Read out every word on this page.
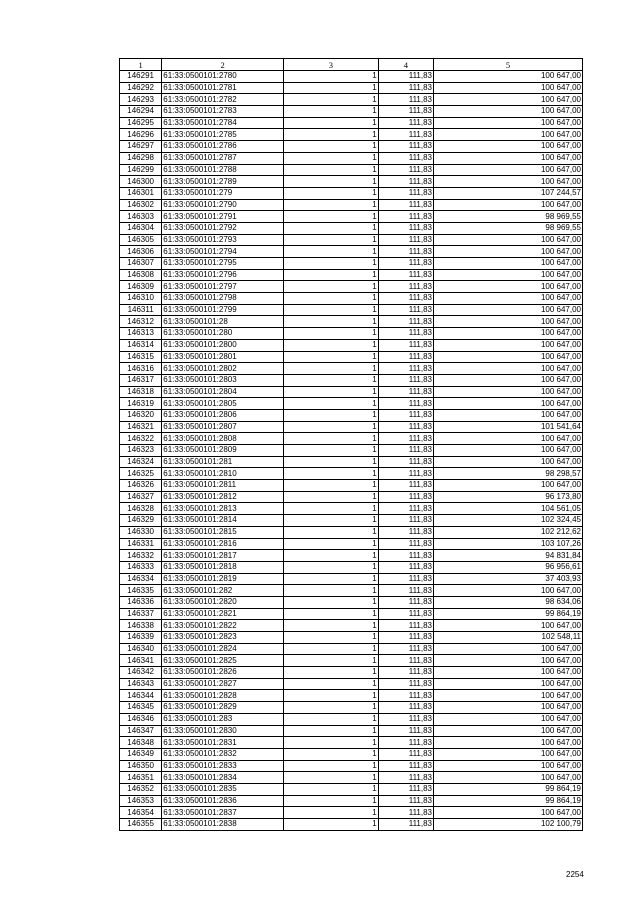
1	2	3	4	5
146291	61:33:0500101:2780	1	111,83	100 647,00
146292	61:33:0500101:2781	1	111,83	100 647,00
146293	61:33:0500101:2782	1	111,83	100 647,00
146294	61:33:0500101:2783	1	111,83	100 647,00
146295	61:33:0500101:2784	1	111,83	100 647,00
146296	61:33:0500101:2785	1	111,83	100 647,00
146297	61:33:0500101:2786	1	111,83	100 647,00
146298	61:33:0500101:2787	1	111,83	100 647,00
146299	61:33:0500101:2788	1	111,83	100 647,00
146300	61:33:0500101:2789	1	111,83	100 647,00
146301	61:33:0500101:279	1	111,83	107 244,57
146302	61:33:0500101:2790	1	111,83	100 647,00
146303	61:33:0500101:2791	1	111,83	98 969,55
146304	61:33:0500101:2792	1	111,83	98 969,55
146305	61:33:0500101:2793	1	111,83	100 647,00
146306	61:33:0500101:2794	1	111,83	100 647,00
146307	61:33:0500101:2795	1	111,83	100 647,00
146308	61:33:0500101:2796	1	111,83	100 647,00
146309	61:33:0500101:2797	1	111,83	100 647,00
146310	61:33:0500101:2798	1	111,83	100 647,00
146311	61:33:0500101:2799	1	111,83	100 647,00
146312	61:33:0500101:28	1	111,83	100 647,00
146313	61:33:0500101:280	1	111,83	100 647,00
146314	61:33:0500101:2800	1	111,83	100 647,00
146315	61:33:0500101:2801	1	111,83	100 647,00
146316	61:33:0500101:2802	1	111,83	100 647,00
146317	61:33:0500101:2803	1	111,83	100 647,00
146318	61:33:0500101:2804	1	111,83	100 647,00
146319	61:33:0500101:2805	1	111,83	100 647,00
146320	61:33:0500101:2806	1	111,83	100 647,00
146321	61:33:0500101:2807	1	111,83	101 541,64
146322	61:33:0500101:2808	1	111,83	100 647,00
146323	61:33:0500101:2809	1	111,83	100 647,00
146324	61:33:0500101:281	1	111,83	100 647,00
146325	61:33:0500101:2810	1	111,83	98 298,57
146326	61:33:0500101:2811	1	111,83	100 647,00
146327	61:33:0500101:2812	1	111,83	96 173,80
146328	61:33:0500101:2813	1	111,83	104 561,05
146329	61:33:0500101:2814	1	111,83	102 324,45
146330	61:33:0500101:2815	1	111,83	102 212,62
146331	61:33:0500101:2816	1	111,83	103 107,26
146332	61:33:0500101:2817	1	111,83	94 831,84
146333	61:33:0500101:2818	1	111,83	96 956,61
146334	61:33:0500101:2819	1	111,83	37 403,93
146335	61:33:0500101:282	1	111,83	100 647,00
146336	61:33:0500101:2820	1	111,83	98 634,06
146337	61:33:0500101:2821	1	111,83	99 864,19
146338	61:33:0500101:2822	1	111,83	100 647,00
146339	61:33:0500101:2823	1	111,83	102 548,11
146340	61:33:0500101:2824	1	111,83	100 647,00
146341	61:33:0500101:2825	1	111,83	100 647,00
146342	61:33:0500101:2826	1	111,83	100 647,00
146343	61:33:0500101:2827	1	111,83	100 647,00
146344	61:33:0500101:2828	1	111,83	100 647,00
146345	61:33:0500101:2829	1	111,83	100 647,00
146346	61:33:0500101:283	1	111,83	100 647,00
146347	61:33:0500101:2830	1	111,83	100 647,00
146348	61:33:0500101:2831	1	111,83	100 647,00
146349	61:33:0500101:2832	1	111,83	100 647,00
146350	61:33:0500101:2833	1	111,83	100 647,00
146351	61:33:0500101:2834	1	111,83	100 647,00
146352	61:33:0500101:2835	1	111,83	99 864,19
146353	61:33:0500101:2836	1	111,83	99 864,19
146354	61:33:0500101:2837	1	111,83	100 647,00
146355	61:33:0500101:2838	1	111,83	102 100,79
2254
